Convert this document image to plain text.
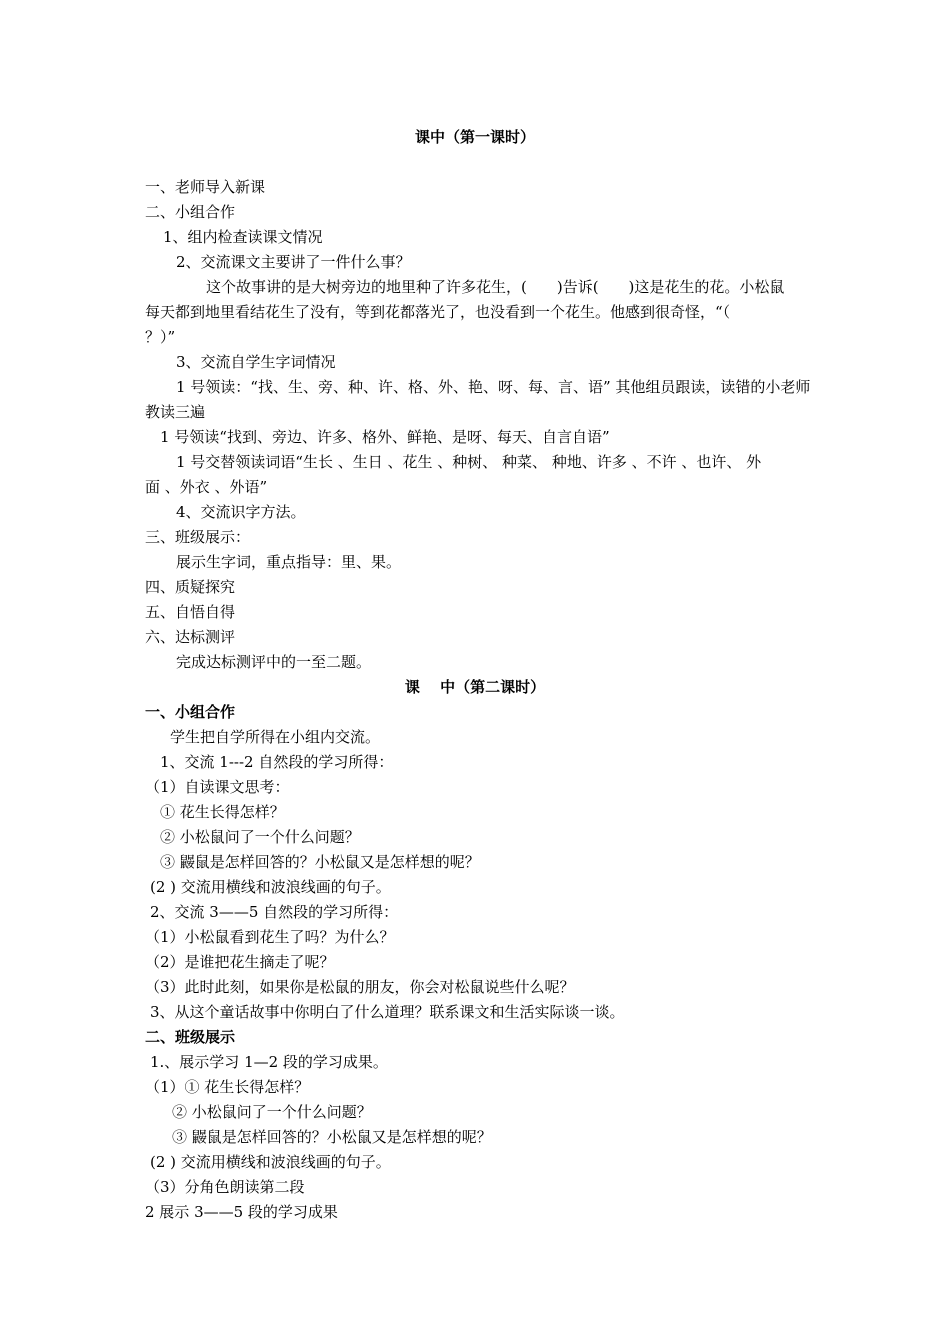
课中（第一课时）
一、老师导入新课
二、小组合作
1、组内检查读课文情况
2、交流课文主要讲了一件什么事？
这个故事讲的是大树旁边的地里种了许多花生，(　　)告诉(　　)这是花生的花。小松鼠
每天都到地里看结花生了没有，等到花都落光了，也没看到一个花生。他感到很奇怪，“（
？）”
3、交流自学生字词情况
1 号领读：“找、生、旁、种、许、格、外、艳、呀、每、言、语” 其他组员跟读，读错的小老师
教读三遍
1 号领读“找到、旁边、许多、格外、鲜艳、是呀、每天、自言自语”
1 号交替领读词语“生长 、生日 、花生 、种树、 种菜、 种地、许多 、不许 、也许、 外
面 、外衣 、外语”
4、交流识字方法。
三、班级展示：
展示生字词，重点指导：里、果。
四、质疑探究
五、自悟自得
六、达标测评
完成达标测评中的一至二题。
课　 中（第二课时）
一、小组合作
学生把自学所得在小组内交流。
1、交流 1---2 自然段的学习所得：
（1）自读课文思考：
① 花生长得怎样？
② 小松鼠问了一个什么问题？
③ 鼹鼠是怎样回答的？小松鼠又是怎样想的呢？
(2 ) 交流用横线和波浪线画的句子。
2、交流 3——5 自然段的学习所得：
（1）小松鼠看到花生了吗？为什么？
（2）是谁把花生摘走了呢？
（3）此时此刻，如果你是松鼠的朋友，你会对松鼠说些什么呢？
3、从这个童话故事中你明白了什么道理？联系课文和生活实际谈一谈。
二、班级展示
1.、展示学习 1—2 段的学习成果。
（1）① 花生长得怎样？
② 小松鼠问了一个什么问题？
③ 鼹鼠是怎样回答的？小松鼠又是怎样想的呢？
(2 ) 交流用横线和波浪线画的句子。
（3）分角色朗读第二段
2 展示 3——5 段的学习成果
